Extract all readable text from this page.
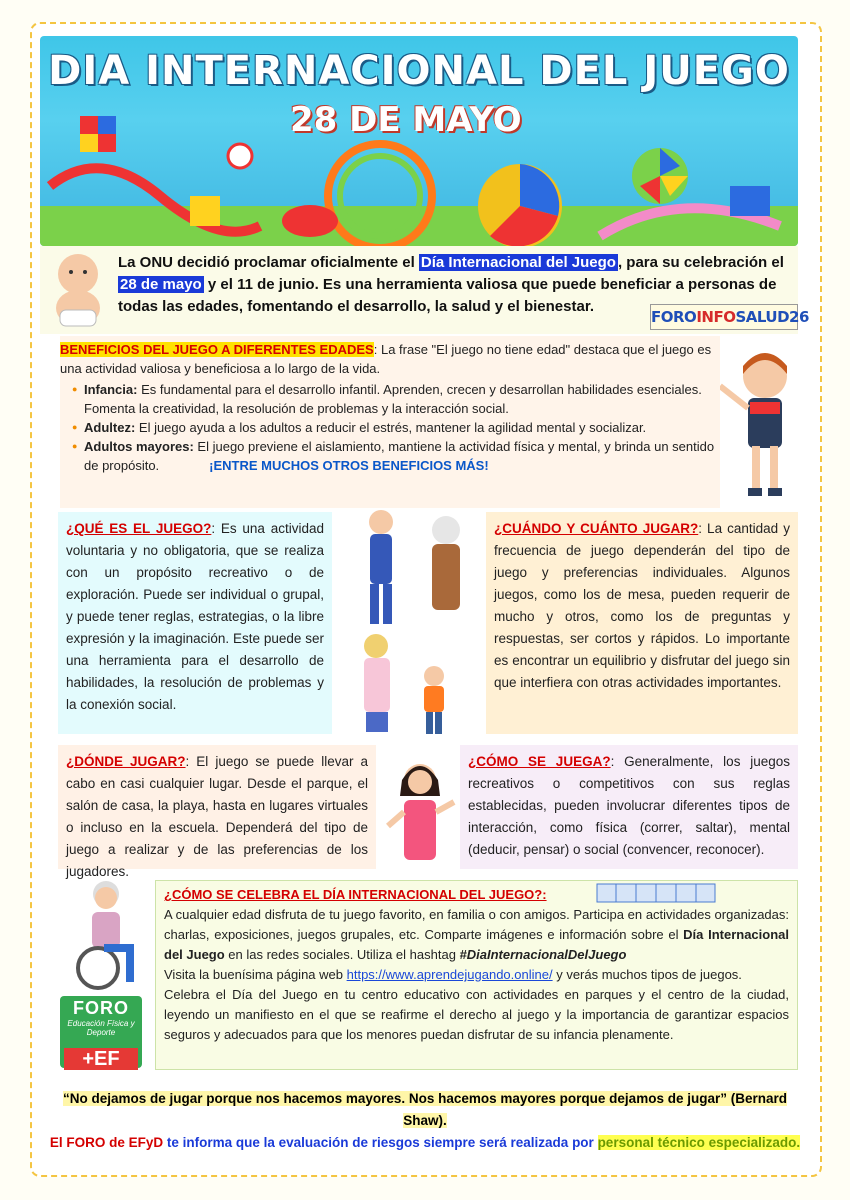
DIA INTERNACIONAL DEL JUEGO
28 DE MAYO
La ONU decidió proclamar oficialmente el Día Internacional del Juego , para su celebración el 28 de mayo y el 11 de junio. Es una herramienta valiosa que puede beneficiar a personas de todas las edades, fomentando el desarrollo, la salud y el bienestar.
FOROINFOSALUD26

BENEFICIOS DEL JUEGO A DIFERENTES EDADES: La frase "El juego no tiene edad" destaca que el juego es una actividad valiosa y beneficiosa a lo largo de la vida.

● Infancia: Es fundamental para el desarrollo infantil. Aprenden, crecen y desarrollan habilidades esenciales. Fomenta la creatividad, la resolución de problemas y la interacción social.
● Adultez: El juego ayuda a los adultos a reducir el estrés, mantener la agilidad mental y socializar.
● Adultos mayores: El juego previene el aislamiento, mantiene la actividad física y mental, y brinda un sentido de propósito.	¡ENTRE MUCHOS OTROS BENEFICIOS MÁS!
¿QUÉ ES EL JUEGO?: Es una actividad voluntaria y no obligatoria, que se realiza con un propósito recreativo o de exploración. Puede ser individual o grupal, y puede tener reglas, estrategias, o la libre expresión y la imaginación. Este puede ser una herramienta para el desarrollo de habilidades, la resolución de problemas y la conexión social.
¿CUÁNDO Y CUÁNTO JUGAR?: La cantidad y frecuencia de juego dependerán del tipo de juego y preferencias individuales. Algunos juegos, como los de mesa, pueden requerir de mucho y otros, como los de preguntas y respuestas, ser cortos y rápidos. Lo importante es encontrar un equilibrio y disfrutar del juego sin que interfiera con otras actividades importantes.
¿DÓNDE JUGAR?: El juego se puede llevar a cabo en casi cualquier lugar. Desde el parque, el salón de casa, la playa, hasta en lugares virtuales o incluso en la escuela. Dependerá del tipo de juego a realizar y de las preferencias de los jugadores.
¿CÓMO SE JUEGA?: Generalmente, los juegos recreativos o competitivos con sus reglas establecidas, pueden involucrar diferentes tipos de interacción, como física (correr, saltar), mental (deducir, pensar) o social (convencer, reconocer).
FORO
Educación Física y Deporte
+EF
¿CÓMO SE CELEBRA EL DÍA INTERNACIONAL DEL JUEGO?:
A cualquier edad disfruta de tu juego favorito, en familia o con amigos. Participa en actividades organizadas: charlas, exposiciones, juegos grupales, etc. Comparte imágenes e información sobre el Día Internacional del Juego en las redes sociales. Utiliza el hashtag #DiaInternacionalDelJuego
Visita la buenísima página web https://www.aprendejugando.online/ y verás muchos tipos de juegos.
Celebra el Día del Juego en tu centro educativo con actividades en parques y el centro de la ciudad, leyendo un manifiesto en el que se reafirme el derecho al juego y la importancia de garantizar espacios seguros y adecuados para que los menores puedan disfrutar de su infancia plenamente.
“No dejamos de jugar porque nos hacemos mayores. Nos hacemos mayores porque dejamos de jugar” (Bernard Shaw).
El FORO de EFyD te informa que la evaluación de riesgos siempre será realizada por personal técnico especializado.
